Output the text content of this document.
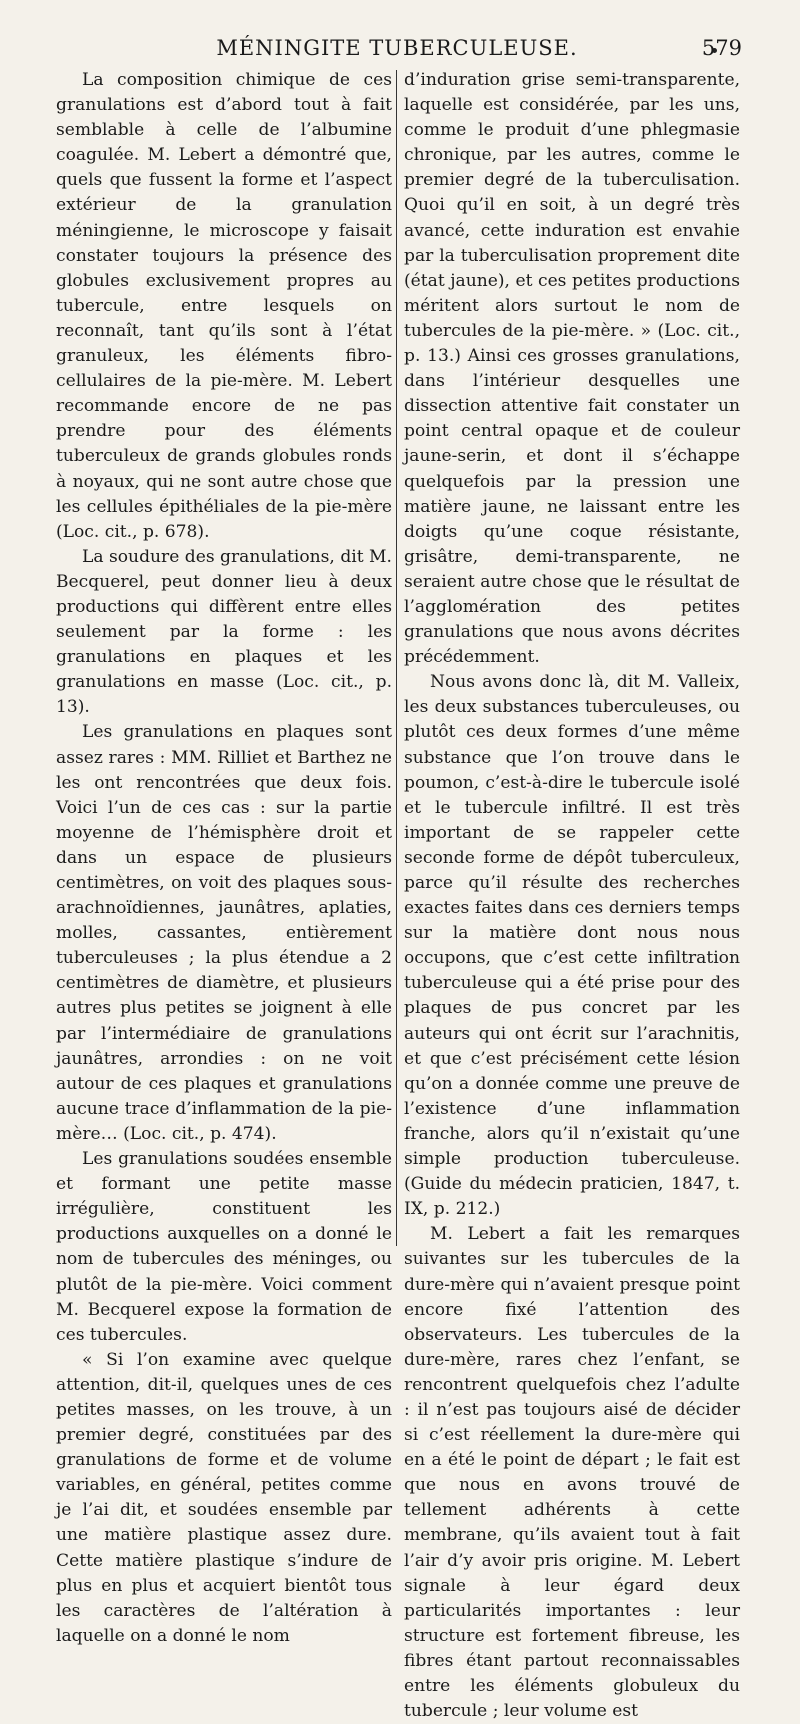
MÉNINGITE TUBERCULEUSE.	579

La composition chimique de ces granulations est d’abord tout à fait semblable à celle de l’albumine coagulée. M. Lebert a démontré que, quels que fussent la forme et l’aspect extérieur de la granulation méningienne, le microscope y faisait constater toujours la présence des globules exclusivement propres au tubercule, entre lesquels on reconnaît, tant qu’ils sont à l’état granuleux, les éléments fibro-cellulaires de la pie-mère. M. Lebert recommande encore de ne pas prendre pour des éléments tuberculeux de grands globules ronds à noyaux, qui ne sont autre chose que les cellules épithéliales de la pie-mère (Loc. cit., p. 678).

La soudure des granulations, dit M. Becquerel, peut donner lieu à deux productions qui diffèrent entre elles seulement par la forme : les granulations en plaques et les granulations en masse (Loc. cit., p. 13).

Les granulations en plaques sont assez rares : MM. Rilliet et Barthez ne les ont rencontrées que deux fois. Voici l’un de ces cas : sur la partie moyenne de l’hémisphère droit et dans un espace de plusieurs centimètres, on voit des plaques sous-arachnoïdiennes, jaunâtres, aplaties, molles, cassantes, entièrement tuberculeuses ; la plus étendue a 2 centimètres de diamètre, et plusieurs autres plus petites se joignent à elle par l’intermédiaire de granulations jaunâtres, arrondies : on ne voit autour de ces plaques et granulations aucune trace d’inflammation de la pie-mère… (Loc. cit., p. 474).

Les granulations soudées ensemble et formant une petite masse irrégulière, constituent les productions auxquelles on a donné le nom de tubercules des méninges, ou plutôt de la pie-mère. Voici comment M. Becquerel expose la formation de ces tubercules.

« Si l’on examine avec quelque attention, dit-il, quelques unes de ces petites masses, on les trouve, à un premier degré, constituées par des granulations de forme et de volume variables, en général, petites comme je l’ai dit, et soudées ensemble par une matière plastique assez dure. Cette matière plastique s’indure de plus en plus et acquiert bientôt tous les caractères de l’altération à laquelle on a donné le nom

d’induration grise semi-transparente, laquelle est considérée, par les uns, comme le produit d’une phlegmasie chronique, par les autres, comme le premier degré de la tuberculisation. Quoi qu’il en soit, à un degré très avancé, cette induration est envahie par la tuberculisation proprement dite (état jaune), et ces petites productions méritent alors surtout le nom de tubercules de la pie-mère. » (Loc. cit., p. 13.) Ainsi ces grosses granulations, dans l’intérieur desquelles une dissection attentive fait constater un point central opaque et de couleur jaune-serin, et dont il s’échappe quelquefois par la pression une matière jaune, ne laissant entre les doigts qu’une coque résistante, grisâtre, demi-transparente, ne seraient autre chose que le résultat de l’agglomération des petites granulations que nous avons décrites précédemment.

Nous avons donc là, dit M. Valleix, les deux substances tuberculeuses, ou plutôt ces deux formes d’une même substance que l’on trouve dans le poumon, c’est-à-dire le tubercule isolé et le tubercule infiltré. Il est très important de se rappeler cette seconde forme de dépôt tuberculeux, parce qu’il résulte des recherches exactes faites dans ces derniers temps sur la matière dont nous nous occupons, que c’est cette infiltration tuberculeuse qui a été prise pour des plaques de pus concret par les auteurs qui ont écrit sur l’arachnitis, et que c’est précisément cette lésion qu’on a donnée comme une preuve de l’existence d’une inflammation franche, alors qu’il n’existait qu’une simple production tuberculeuse. (Guide du médecin praticien, 1847, t. IX, p. 212.)

M. Lebert a fait les remarques suivantes sur les tubercules de la dure-mère qui n’avaient presque point encore fixé l’attention des observateurs. Les tubercules de la dure-mère, rares chez l’enfant, se rencontrent quelquefois chez l’adulte : il n’est pas toujours aisé de décider si c’est réellement la dure-mère qui en a été le point de départ ; le fait est que nous en avons trouvé de tellement adhérents à cette membrane, qu’ils avaient tout à fait l’air d’y avoir pris origine. M. Lebert signale à leur égard deux particularités importantes : leur structure est fortement fibreuse, les fibres étant partout reconnaissables entre les éléments globuleux du tubercule ; leur volume est
